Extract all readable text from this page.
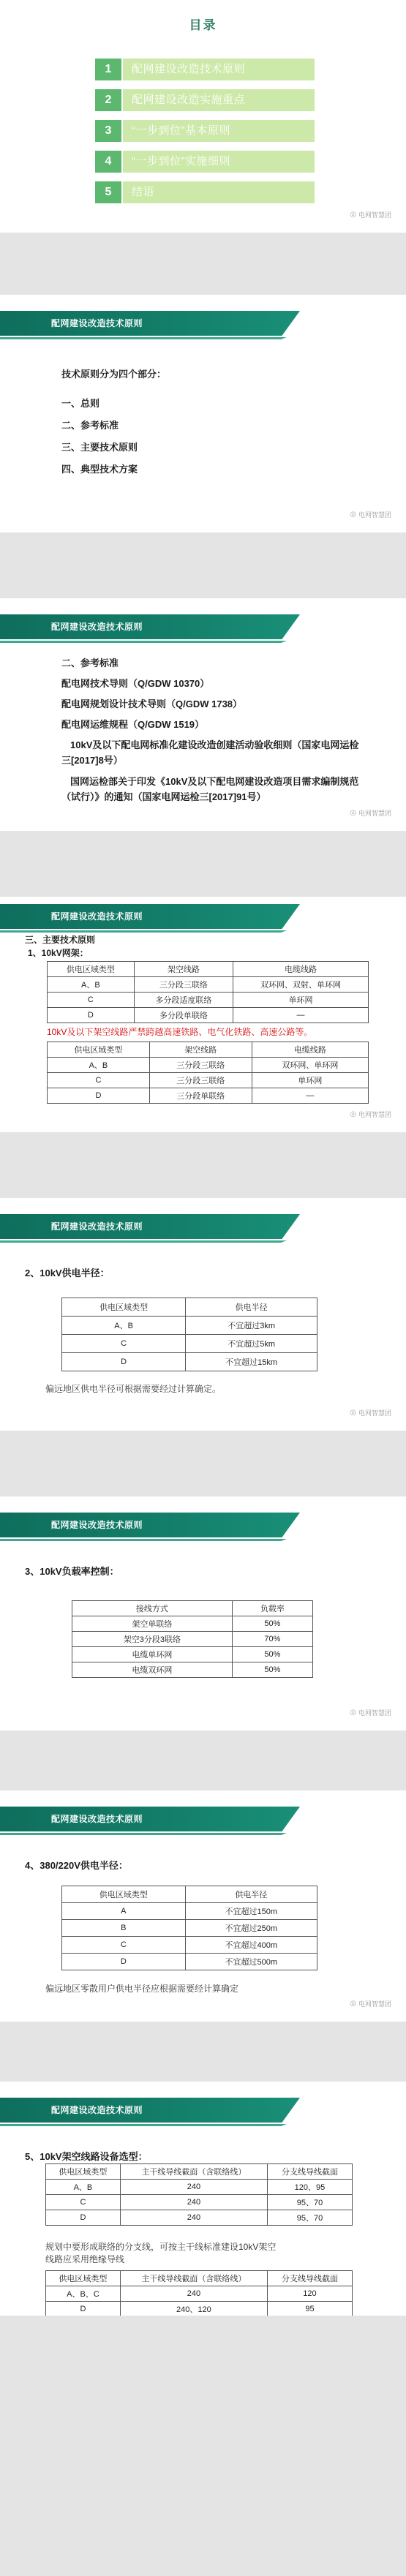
目录
1	配网建设改造技术原则
2	配网建设改造实施重点
3	“一步到位”基本原则
4	“一步到位”实施细则
5	结语
◎ 电网智慧团
配网建设改造技术原则
技术原则分为四个部分：
一、总则
二、参考标准
三、主要技术原则
四、典型技术方案
◎ 电网智慧团
配网建设改造技术原则
二、参考标准
配电网技术导则（Q/GDW 10370）
配电网规划设计技术导则（Q/GDW 1738）
配电网运维规程（Q/GDW 1519）
10kV及以下配电网标准化建设改造创建活动验收细则（国家电网运检三[2017]8号）
国网运检部关于印发《10kV及以下配电网建设改造项目需求编制规范（试行）》的通知（国家电网运检三[2017]91号）
◎ 电网智慧团
配网建设改造技术原则
三、主要技术原则
1、10kV网架：
供电区域类型	架空线路	电缆线路
A、B	三分段三联络	双环网、双射、单环网
C	多分段适度联络	单环网
D	多分段单联络	—
10kV及以下架空线路严禁跨越高速铁路、电气化铁路、高速公路等。
供电区域类型	架空线路	电缆线路
A、B	三分段三联络	双环网、单环网
C	三分段三联络	单环网
D	三分段单联络	—
◎ 电网智慧团
配网建设改造技术原则
2、10kV供电半径：
供电区域类型	供电半径
A、B	不宜超过3km
C	不宜超过5km
D	不宜超过15km
偏远地区供电半径可根据需要经过计算确定。
◎ 电网智慧团
配网建设改造技术原则
3、10kV负载率控制：
接线方式	负载率
架空单联络	50%
架空3分段3联络	70%
电缆单环网	50%
电缆双环网	50%
◎ 电网智慧团
配网建设改造技术原则
4、380/220V供电半径：
供电区域类型	供电半径
A	不宜超过150m
B	不宜超过250m
C	不宜超过400m
D	不宜超过500m
偏远地区零散用户供电半径应根据需要经计算确定
◎ 电网智慧团
配网建设改造技术原则
5、10kV架空线路设备选型：
供电区域类型	主干线导线截面（含联络线）	分支线导线截面
A、B	240	120、95
C	240	95、70
D	240	95、70
规划中要形成联络的分支线，可按主干线标准建设10kV架空线路应采用绝缘导线
供电区域类型	主干线导线截面（含联络线）	分支线导线截面
A、B、C	240	120
D	240、120	95
